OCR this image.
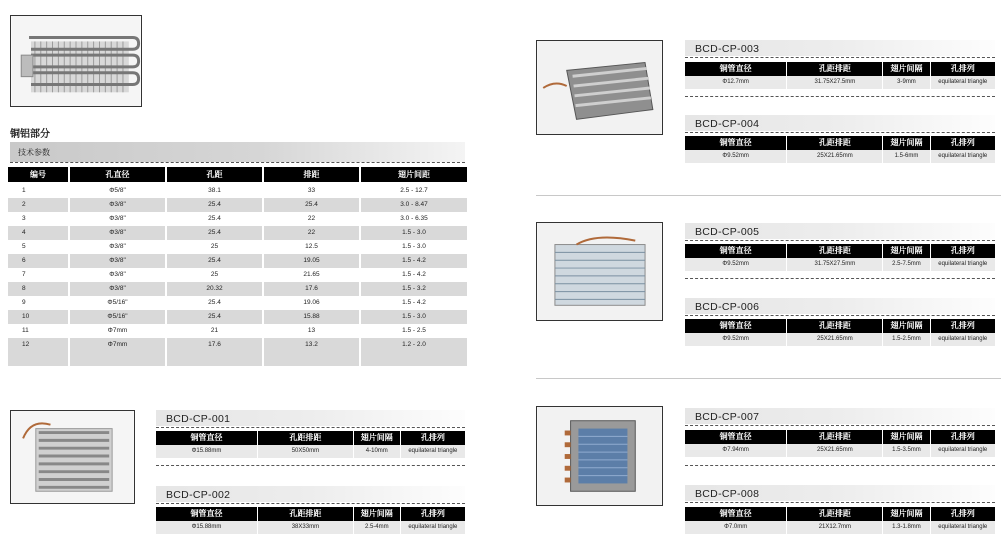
铜铝部分
技术参数
编号	孔直径	孔距	排距	翅片间距

1	Φ5/8"	38.1	33	2.5 - 12.7
2	Φ3/8"	25.4	25.4	3.0 - 8.47
3	Φ3/8"	25.4	22	3.0 - 6.35
4	Φ3/8"	25.4	22	1.5 - 3.0
5	Φ3/8"	25	12.5	1.5 - 3.0
6	Φ3/8"	25.4	19.05	1.5 - 4.2
7	Φ3/8"	25	21.65	1.5 - 4.2
8	Φ3/8"	20.32	17.6	1.5 - 3.2
9	Φ5/16"	25.4	19.06	1.5 - 4.2
10	Φ5/16"	25.4	15.88	1.5 - 3.0
11	Φ7mm	21	13	1.5 - 2.5
12	Φ7mm	17.6	13.2	1.2 - 2.0

BCD-CP-001
铜管直径	孔距排距	翅片间隔	孔排列
Φ15.88mm	50X50mm	4-10mm	equilateral triangle
BCD-CP-002
铜管直径	孔距排距	翅片间隔	孔排列
Φ15.88mm	38X33mm	2.5-4mm	equilateral triangle
BCD-CP-003
铜管直径	孔距排距	翅片间隔	孔排列
Φ12.7mm	31.75X27.5mm	3-9mm	equilateral triangle
BCD-CP-004
铜管直径	孔距排距	翅片间隔	孔排列
Φ9.52mm	25X21.65mm	1.5-6mm	equilateral triangle
BCD-CP-005
铜管直径	孔距排距	翅片间隔	孔排列
Φ9.52mm	31.75X27.5mm	2.5-7.5mm	equilateral triangle
BCD-CP-006
铜管直径	孔距排距	翅片间隔	孔排列
Φ9.52mm	25X21.65mm	1.5-2.5mm	equilateral triangle
BCD-CP-007
铜管直径	孔距排距	翅片间隔	孔排列
Φ7.94mm	25X21.65mm	1.5-3.5mm	equilateral triangle
BCD-CP-008
铜管直径	孔距排距	翅片间隔	孔排列
Φ7.0mm	21X12.7mm	1.3-1.8mm	equilateral triangle
